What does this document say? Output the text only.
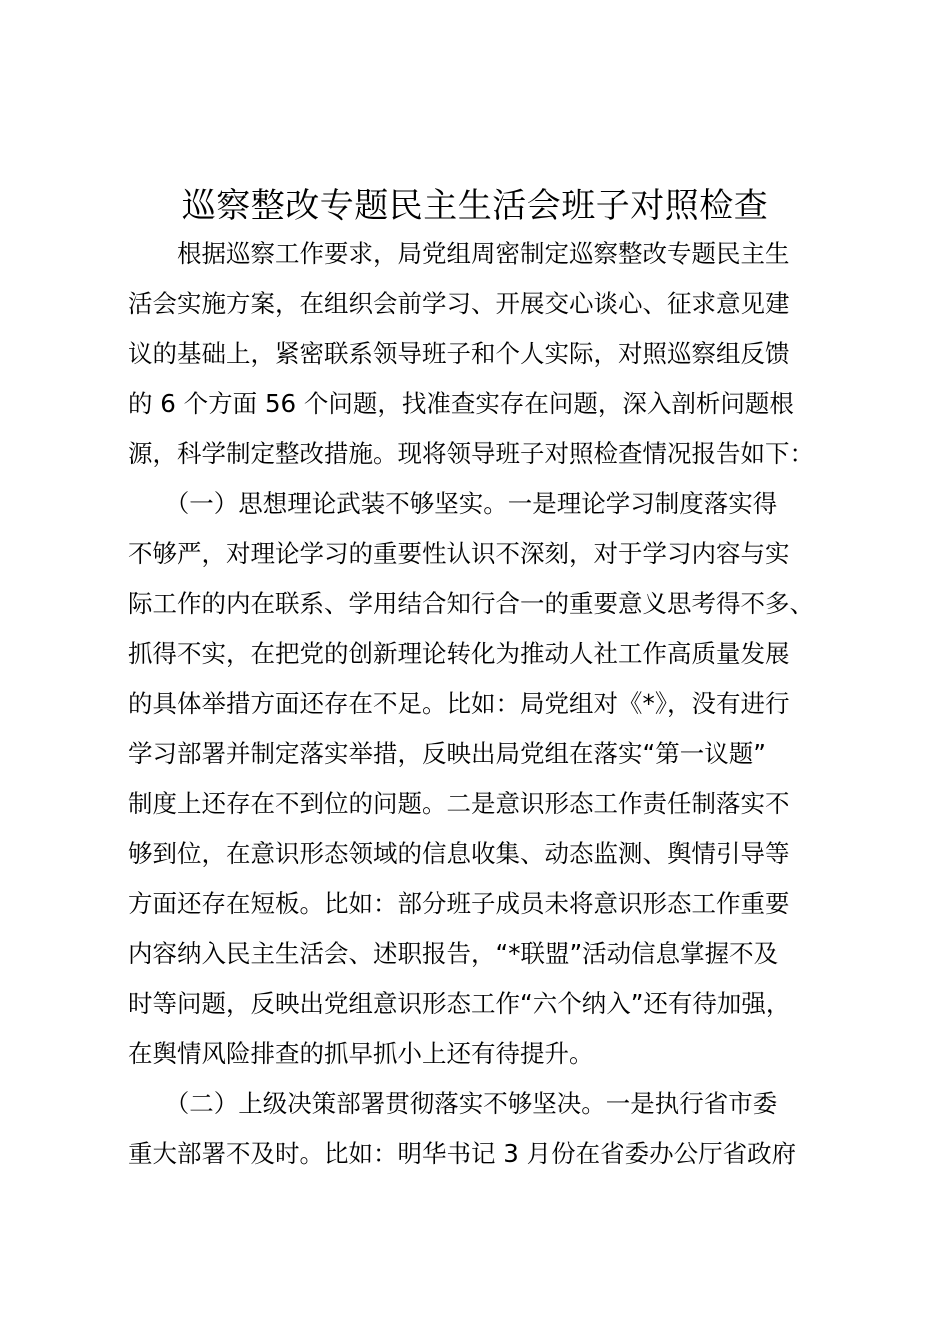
巡察整改专题民主生活会班子对照检查
　　根据巡察工作要求，局党组周密制定巡察整改专题民主生
活会实施方案，在组织会前学习、开展交心谈心、征求意见建
议的基础上，紧密联系领导班子和个人实际，对照巡察组反馈
的 6 个方面 56 个问题，找准查实存在问题，深入剖析问题根
源，科学制定整改措施。现将领导班子对照检查情况报告如下：
　　（一）思想理论武装不够坚实。一是理论学习制度落实得
不够严，对理论学习的重要性认识不深刻，对于学习内容与实
际工作的内在联系、学用结合知行合一的重要意义思考得不多、
抓得不实，在把党的创新理论转化为推动人社工作高质量发展
的具体举措方面还存在不足。比如：局党组对《*》，没有进行
学习部署并制定落实举措，反映出局党组在落实“第一议题”
制度上还存在不到位的问题。二是意识形态工作责任制落实不
够到位，在意识形态领域的信息收集、动态监测、舆情引导等
方面还存在短板。比如：部分班子成员未将意识形态工作重要
内容纳入民主生活会、述职报告，“*联盟”活动信息掌握不及
时等问题，反映出党组意识形态工作“六个纳入”还有待加强，
在舆情风险排查的抓早抓小上还有待提升。
　　（二）上级决策部署贯彻落实不够坚决。一是执行省市委
重大部署不及时。比如：明华书记 3 月份在省委办公厅省政府
